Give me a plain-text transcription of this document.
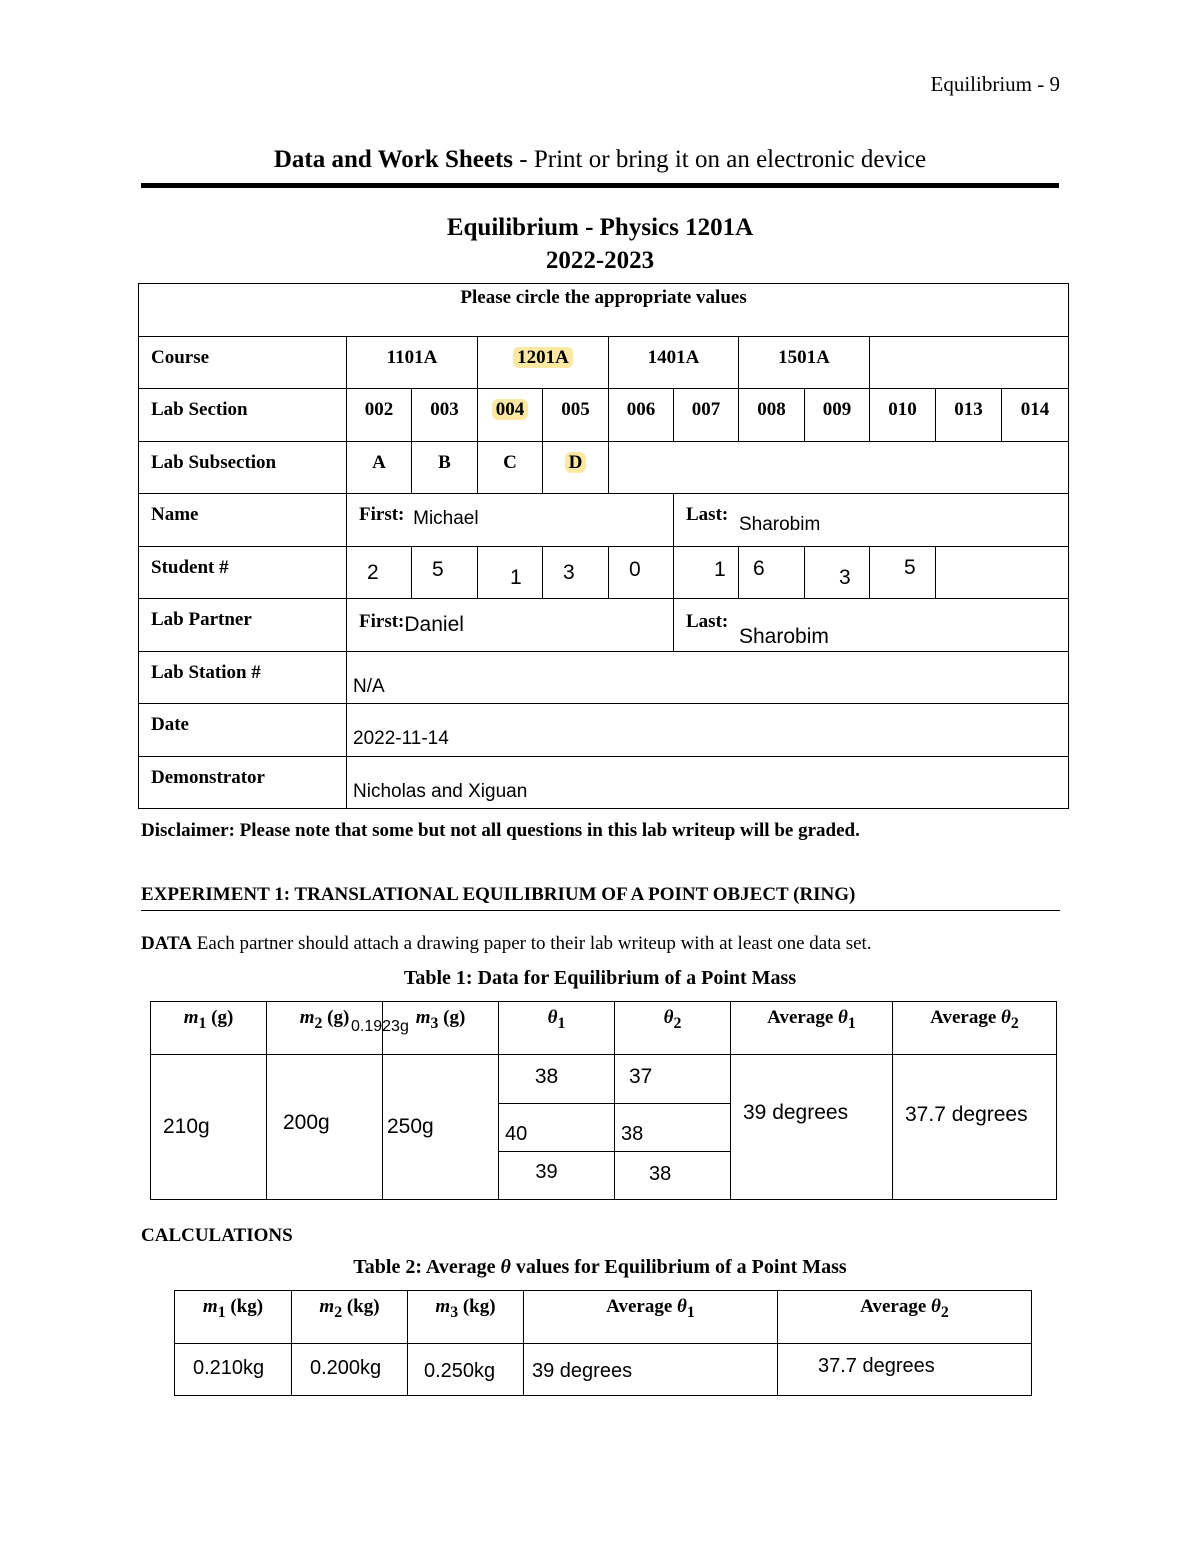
Equilibrium - 9
Data and Work Sheets - Print or bring it on an electronic device
Equilibrium - Physics 1201A
2022-2023
Please circle the appropriate values											
Course	1101A		1201A		1401A		1501A				
Lab Section	002	003	004	005	006	007	008	009	010	013	014
Lab Subsection	A	B	C	D							
Name	First: Michael					Last: Sharobim					
Student #	2	5	1	3	0	1	6	3	5		
Lab Partner	First:Daniel					Last: Sharobim					
Lab Station #	N/A										
Date	2022-11-14										
Demonstrator	Nicholas and Xiguan										
Disclaimer: Please note that some but not all questions in this lab writeup will be graded.
EXPERIMENT 1: TRANSLATIONAL EQUILIBRIUM OF A POINT OBJECT (RING)
DATA Each partner should attach a drawing paper to their lab writeup with at least one data set.
Table 1: Data for Equilibrium of a Point Mass
$m_1$ (g)	$m_2$ (g)	$m_3$ (g)	$\theta_1$	$\theta_2$	Average $\theta_1$	Average $\theta_2$
210g	200g	250g	38	37	39 degrees	37.7 degrees
			40	38		
			39	38		
0.1923g
CALCULATIONS
Table 2: Average θ values for Equilibrium of a Point Mass
$m_1$ (kg)	$m_2$ (kg)	$m_3$ (kg)	Average $\theta_1$	Average $\theta_2$
0.210kg	0.200kg	0.250kg	39 degrees	37.7 degrees
